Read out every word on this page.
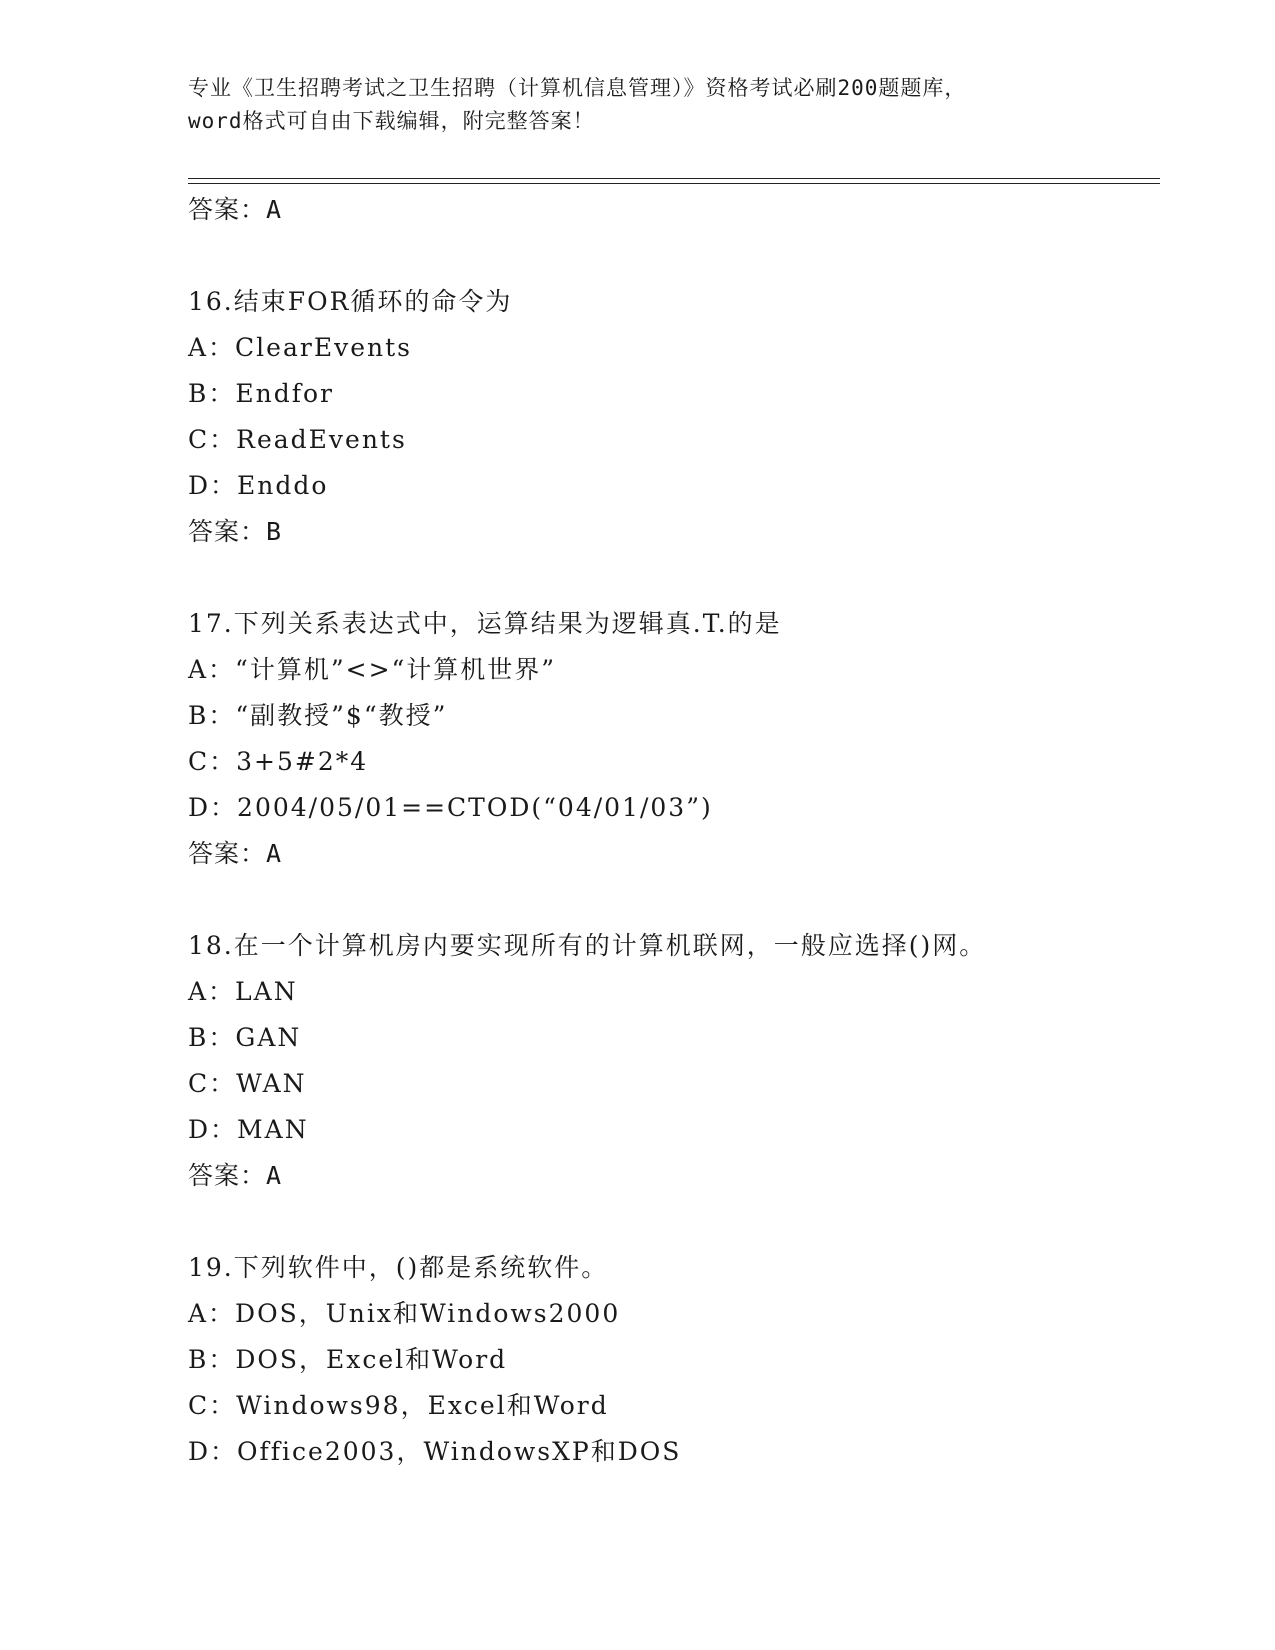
专业《卫生招聘考试之卫生招聘（计算机信息管理）》资格考试必刷200题题库，
word格式可自由下载编辑，附完整答案！
答案：A
16.结束FOR循环的命令为
A：ClearEvents
B：Endfor
C：ReadEvents
D：Enddo
答案：B
17.下列关系表达式中，运算结果为逻辑真.T.的是
A：“计算机”<>“计算机世界”
B：“副教授”$“教授”
C：3+5#2*4
D：2004/05/01==CTOD(“04/01/03”)
答案：A
18.在一个计算机房内要实现所有的计算机联网，一般应选择()网。
A：LAN
B：GAN
C：WAN
D：MAN
答案：A
19.下列软件中，()都是系统软件。
A：DOS，Unix和Windows2000
B：DOS，Excel和Word
C：Windows98，Excel和Word
D：Office2003，WindowsXP和DOS
